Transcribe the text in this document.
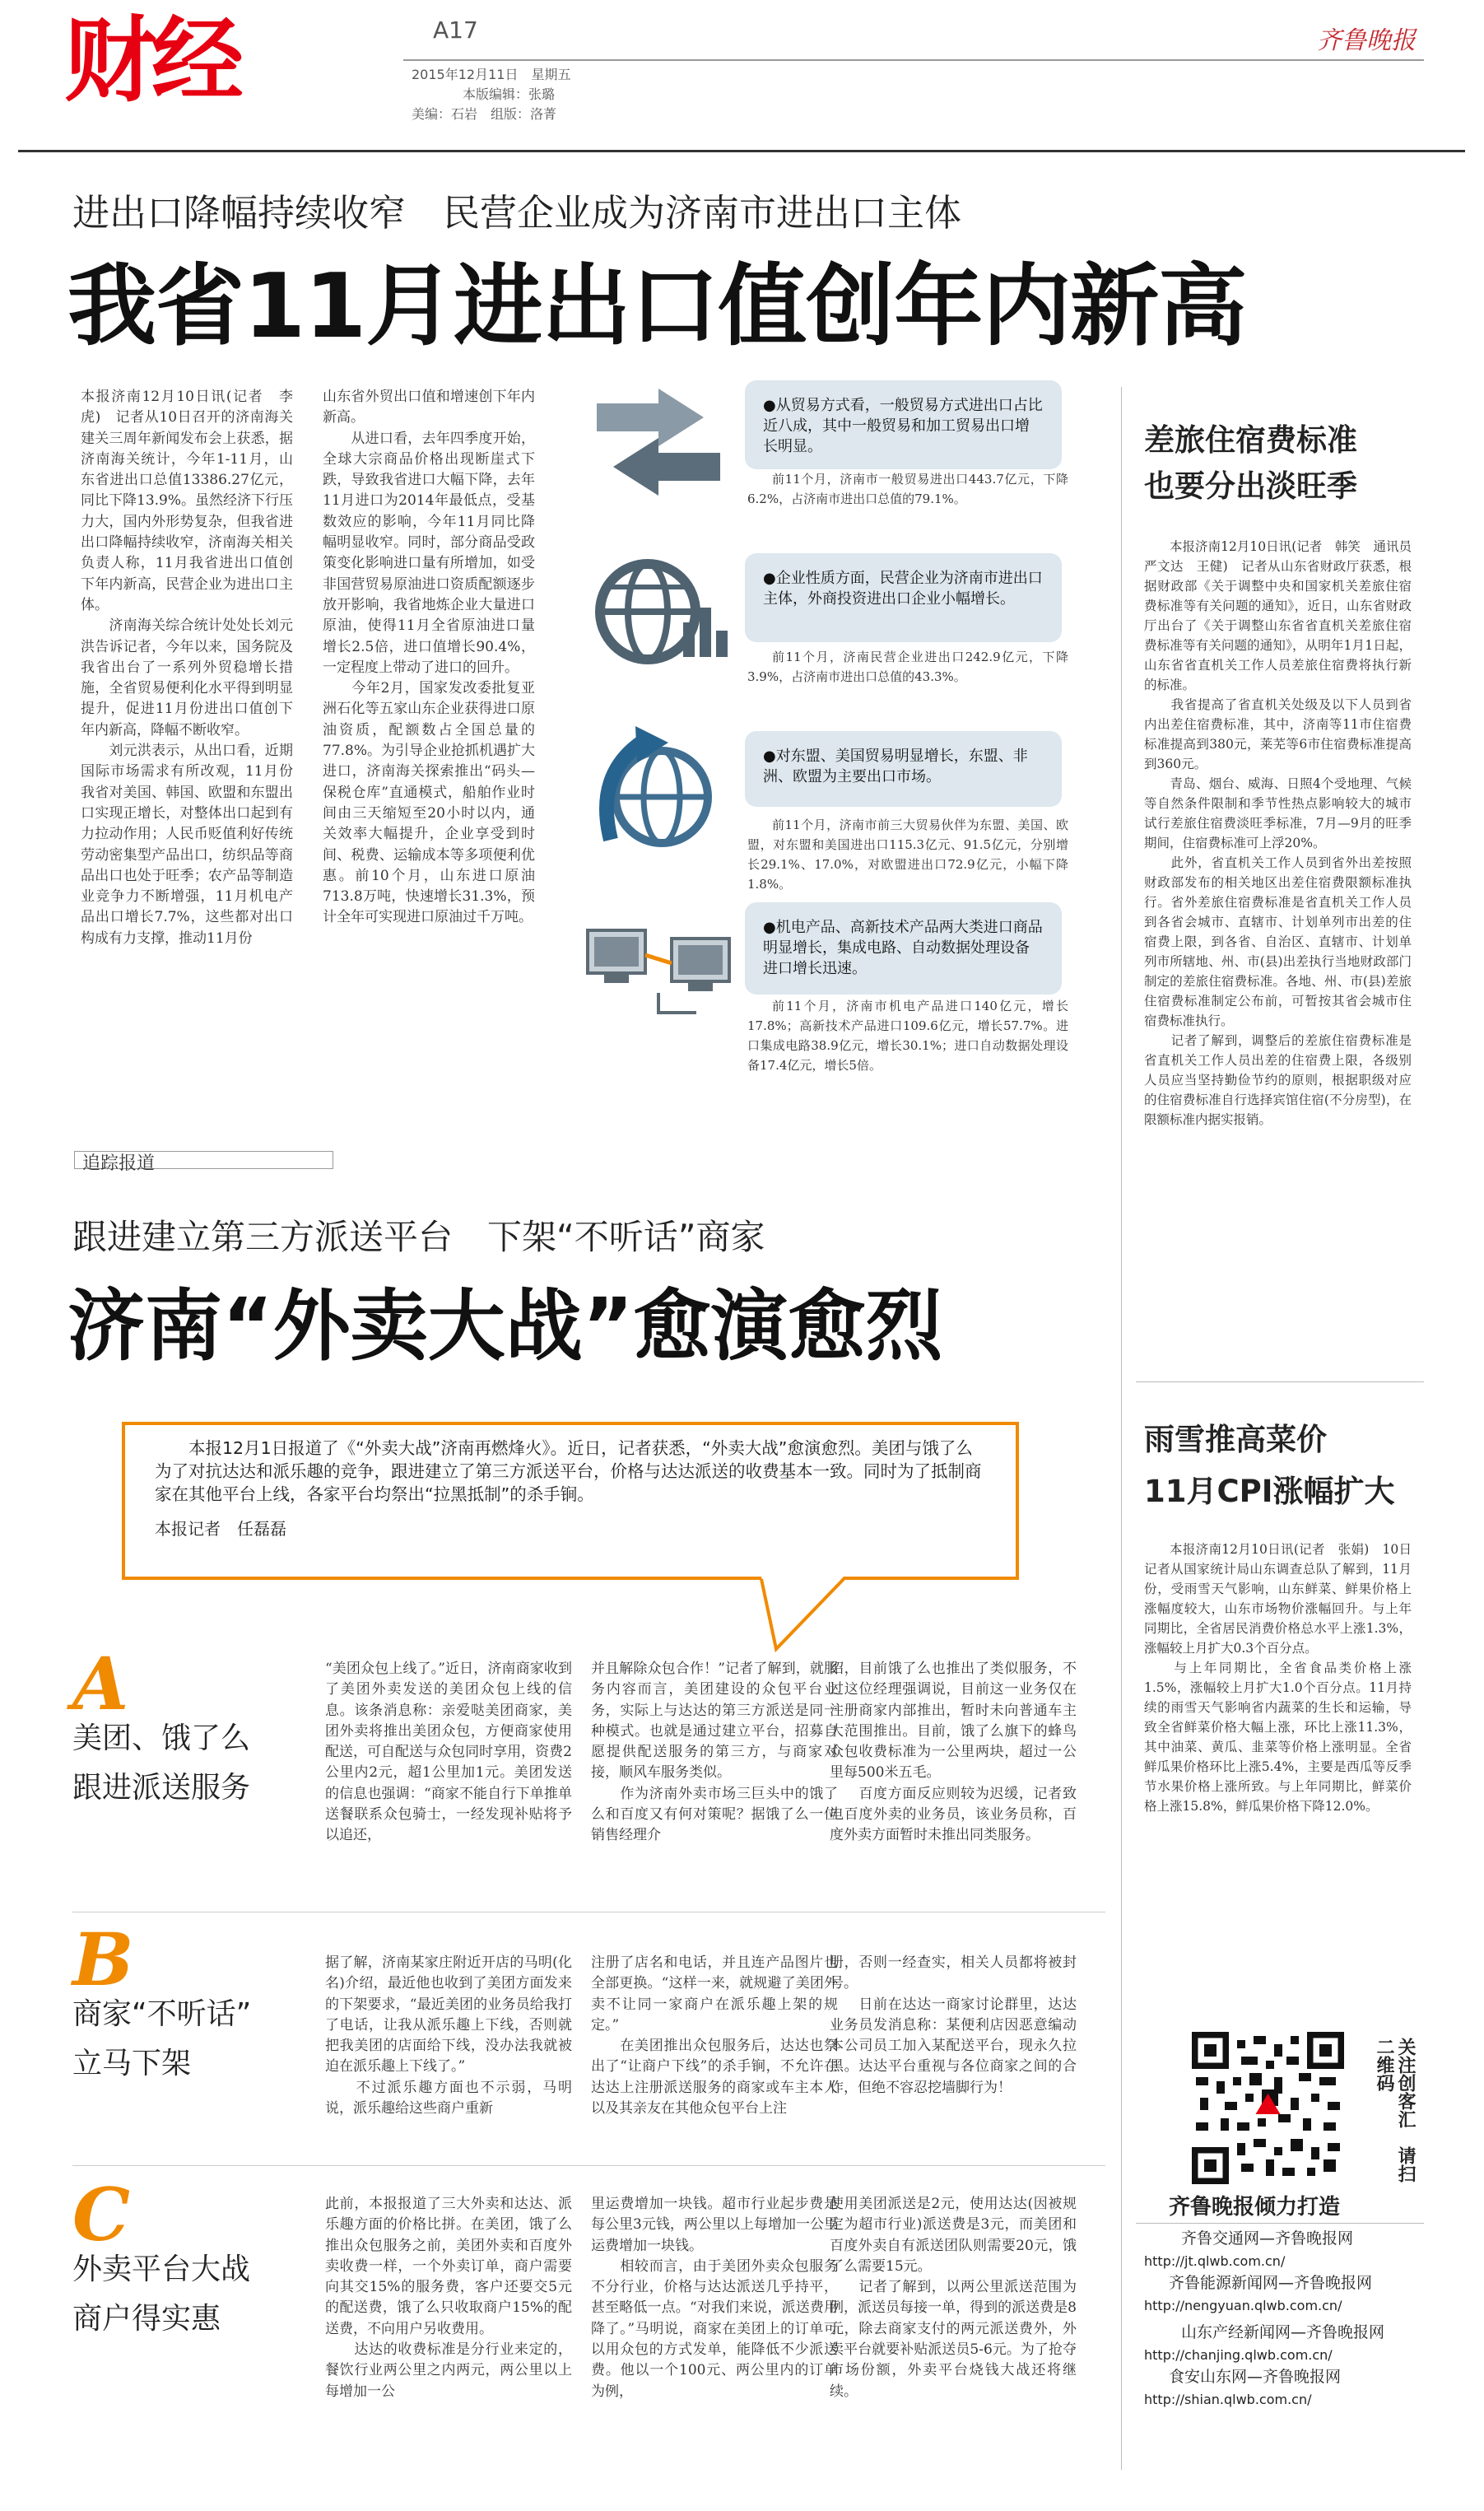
财经	A17
2015年12月11日　星期五
本版编辑：张璐
美编：石岩　组版：洛菁
齐鲁晚报
进出口降幅持续收窄　民营企业成为济南市进出口主体
我省11月进出口值创年内新高
本报济南12月10日讯(记者　李虎)　记者从10日召开的济南海关建关三周年新闻发布会上获悉，据济南海关统计，今年1-11月，山东省进出口总值13386.27亿元，同比下降13.9%。虽然经济下行压力大，国内外形势复杂，但我省进出口降幅持续收窄，济南海关相关负责人称，11月我省进出口值创下年内新高，民营企业为进出口主体。
　　济南海关综合统计处处长刘元洪告诉记者，今年以来，国务院及我省出台了一系列外贸稳增长措施，全省贸易便利化水平得到明显提升，促进11月份进出口值创下年内新高，降幅不断收窄。
　　刘元洪表示，从出口看，近期国际市场需求有所改观，11月份我省对美国、韩国、欧盟和东盟出口实现正增长，对整体出口起到有力拉动作用；人民币贬值利好传统劳动密集型产品出口，纺织品等商品出口也处于旺季；农产品等制造业竞争力不断增强，11月机电产品出口增长7.7%，这些都对出口构成有力支撑，推动11月份
山东省外贸出口值和增速创下年内新高。
　　从进口看，去年四季度开始，全球大宗商品价格出现断崖式下跌，导致我省进口大幅下降，去年11月进口为2014年最低点，受基数效应的影响，今年11月同比降幅明显收窄。同时，部分商品受政策变化影响进口量有所增加，如受非国营贸易原油进口资质配额逐步放开影响，我省地炼企业大量进口原油，使得11月全省原油进口量增长2.5倍，进口值增长90.4%，一定程度上带动了进口的回升。
　　今年2月，国家发改委批复亚洲石化等五家山东企业获得进口原油资质，配额数占全国总量的77.8%。为引导企业抢抓机遇扩大进口，济南海关探索推出“码头—保税仓库”直通模式，船舶作业时间由三天缩短至20小时以内，通关效率大幅提升，企业享受到时间、税费、运输成本等多项便利优惠。前10个月，山东进口原油713.8万吨，快速增长31.3%，预计全年可实现进口原油过千万吨。
●从贸易方式看，一般贸易方式进出口占比近八成，其中一般贸易和加工贸易出口增长明显。
前11个月，济南市一般贸易进出口443.7亿元，下降6.2%，占济南市进出口总值的79.1%。
●企业性质方面，民营企业为济南市进出口主体，外商投资进出口企业小幅增长。
前11个月，济南民营企业进出口242.9亿元，下降3.9%，占济南市进出口总值的43.3%。
●对东盟、美国贸易明显增长，东盟、非洲、欧盟为主要出口市场。
前11个月，济南市前三大贸易伙伴为东盟、美国、欧盟，对东盟和美国进出口115.3亿元、91.5亿元，分别增长29.1%、17.0%，对欧盟进出口72.9亿元，小幅下降1.8%。
●机电产品、高新技术产品两大类进口商品明显增长，集成电路、自动数据处理设备进口增长迅速。
前11个月，济南市机电产品进口140亿元，增长17.8%；高新技术产品进口109.6亿元，增长57.7%。进口集成电路38.9亿元，增长30.1%；进口自动数据处理设备17.4亿元，增长5倍。
差旅住宿费标准
也要分出淡旺季
本报济南12月10日讯(记者　韩笑　通讯员　严文达　王健)　记者从山东省财政厅获悉，根据财政部《关于调整中央和国家机关差旅住宿费标准等有关问题的通知》，近日，山东省财政厅出台了《关于调整山东省省直机关差旅住宿费标准等有关问题的通知》，从明年1月1日起，山东省省直机关工作人员差旅住宿费将执行新的标准。
　　我省提高了省直机关处级及以下人员到省内出差住宿费标准，其中，济南等11市住宿费标准提高到380元，莱芜等6市住宿费标准提高到360元。
　　青岛、烟台、威海、日照4个受地理、气候等自然条件限制和季节性热点影响较大的城市试行差旅住宿费淡旺季标准，7月—9月的旺季期间，住宿费标准可上浮20%。
　　此外，省直机关工作人员到省外出差按照财政部发布的相关地区出差住宿费限额标准执行。省外差旅住宿费标准是省直机关工作人员到各省会城市、直辖市、计划单列市出差的住宿费上限，到各省、自治区、直辖市、计划单列市所辖地、州、市(县)出差执行当地财政部门制定的差旅住宿费标准。各地、州、市(县)差旅住宿费标准制定公布前，可暂按其省会城市住宿费标准执行。
　　记者了解到，调整后的差旅住宿费标准是省直机关工作人员出差的住宿费上限，各级别人员应当坚持勤俭节约的原则，根据职级对应的住宿费标准自行选择宾馆住宿(不分房型)，在限额标准内据实报销。
雨雪推高菜价
11月CPI涨幅扩大
本报济南12月10日讯(记者　张娟)　10日记者从国家统计局山东调查总队了解到，11月份，受雨雪天气影响，山东鲜菜、鲜果价格上涨幅度较大，山东市场物价涨幅回升。与上年同期比，全省居民消费价格总水平上涨1.3%，涨幅较上月扩大0.3个百分点。
　　与上年同期比，全省食品类价格上涨1.5%，涨幅较上月扩大1.0个百分点。11月持续的雨雪天气影响省内蔬菜的生长和运输，导致全省鲜菜价格大幅上涨，环比上涨11.3%，其中油菜、黄瓜、韭菜等价格上涨明显。全省鲜瓜果价格环比上涨5.4%，主要是西瓜等反季节水果价格上涨所致。与上年同期比，鲜菜价格上涨15.8%，鲜瓜果价格下降12.0%。
关注创客汇　请扫二维码
齐鲁晚报倾力打造
齐鲁交通网—齐鲁晚报网
http://jt.qlwb.com.cn/
齐鲁能源新闻网—齐鲁晚报网
http://nengyuan.qlwb.com.cn/
山东产经新闻网—齐鲁晚报网
http://chanjing.qlwb.com.cn/
食安山东网—齐鲁晚报网
http://shian.qlwb.com.cn/
追踪报道
跟进建立第三方派送平台　下架“不听话”商家
济南“外卖大战”愈演愈烈
　　本报12月1日报道了《“外卖大战”济南再燃烽火》。近日，记者获悉，“外卖大战”愈演愈烈。美团与饿了么为了对抗达达和派乐趣的竞争，跟进建立了第三方派送平台，价格与达达派送的收费基本一致。同时为了抵制商家在其他平台上线，各家平台均祭出“拉黑抵制”的杀手锏。
本报记者　任磊磊
A
美团、饿了么
跟进派送服务
“美团众包上线了。”近日，济南商家收到了美团外卖发送的美团众包上线的信息。该条消息称：亲爱哒美团商家，美团外卖将推出美团众包，方便商家使用配送，可自配送与众包同时享用，资费2公里内2元，超1公里加1元。美团发送的信息也强调：“商家不能自行下单推单送餐联系众包骑士，一经发现补贴将予以追还，
并且解除众包合作！”记者了解到，就服务内容而言，美团建设的众包平台业务，实际上与达达的第三方派送是同一种模式。也就是通过建立平台，招募自愿提供配送服务的第三方，与商家对接，顺风车服务类似。
　　作为济南外卖市场三巨头中的饿了么和百度又有何对策呢？据饿了么一位销售经理介
绍，目前饿了么也推出了类似服务，不过这位经理强调说，目前这一业务仅在注册商家内部推出，暂时未向普通车主大范围推出。目前，饿了么旗下的蜂鸟众包收费标准为一公里两块，超过一公里每500米五毛。
　　百度方面反应则较为迟缓，记者致电百度外卖的业务员，该业务员称，百度外卖方面暂时未推出同类服务。
B
商家“不听话”
立马下架
据了解，济南某家庄附近开店的马明(化名)介绍，最近他也收到了美团方面发来的下架要求，“最近美团的业务员给我打了电话，让我从派乐趣上下线，否则就把我美团的店面给下线，没办法我就被迫在派乐趣上下线了。”
　　不过派乐趣方面也不示弱，马明说，派乐趣给这些商户重新
注册了店名和电话，并且连产品图片也全部更换。“这样一来，就规避了美团外卖不让同一家商户在派乐趣上架的规定。”
　　在美团推出众包服务后，达达也祭出了“让商户下线”的杀手锏，不允许在达达上注册派送服务的商家或车主本人以及其亲友在其他众包平台上注
册，否则一经查实，相关人员都将被封号。
　　日前在达达一商家讨论群里，达达业务员发消息称：某便利店因恶意编动本公司员工加入某配送平台，现永久拉黑。达达平台重视与各位商家之间的合作，但绝不容忍挖墙脚行为！
C
外卖平台大战
商户得实惠
此前，本报报道了三大外卖和达达、派乐趣方面的价格比拼。在美团，饿了么推出众包服务之前，美团外卖和百度外卖收费一样，一个外卖订单，商户需要向其交15%的服务费，客户还要交5元的配送费，饿了么只收取商户15%的配送费，不向用户另收费用。
　　达达的收费标准是分行业来定的，餐饮行业两公里之内两元，两公里以上每增加一公
里运费增加一块钱。超市行业起步费是每公里3元钱，两公里以上每增加一公里运费增加一块钱。
　　相较而言，由于美团外卖众包服务不分行业，价格与达达派送几乎持平，甚至略低一点。“对我们来说，派送费用降了。”马明说，商家在美团上的订单可以用众包的方式发单，能降低不少派送费。他以一个100元、两公里内的订单为例，
使用美团派送是2元，使用达达(因被规定为超市行业)派送费是3元，而美团和百度外卖自有派送团队则需要20元，饿了么需要15元。
　　记者了解到，以两公里派送范围为例，派送员每接一单，得到的派送费是8元，除去商家支付的两元派送费外，外卖平台就要补贴派送员5-6元。为了抢夺市场份额，外卖平台烧钱大战还将继续。
